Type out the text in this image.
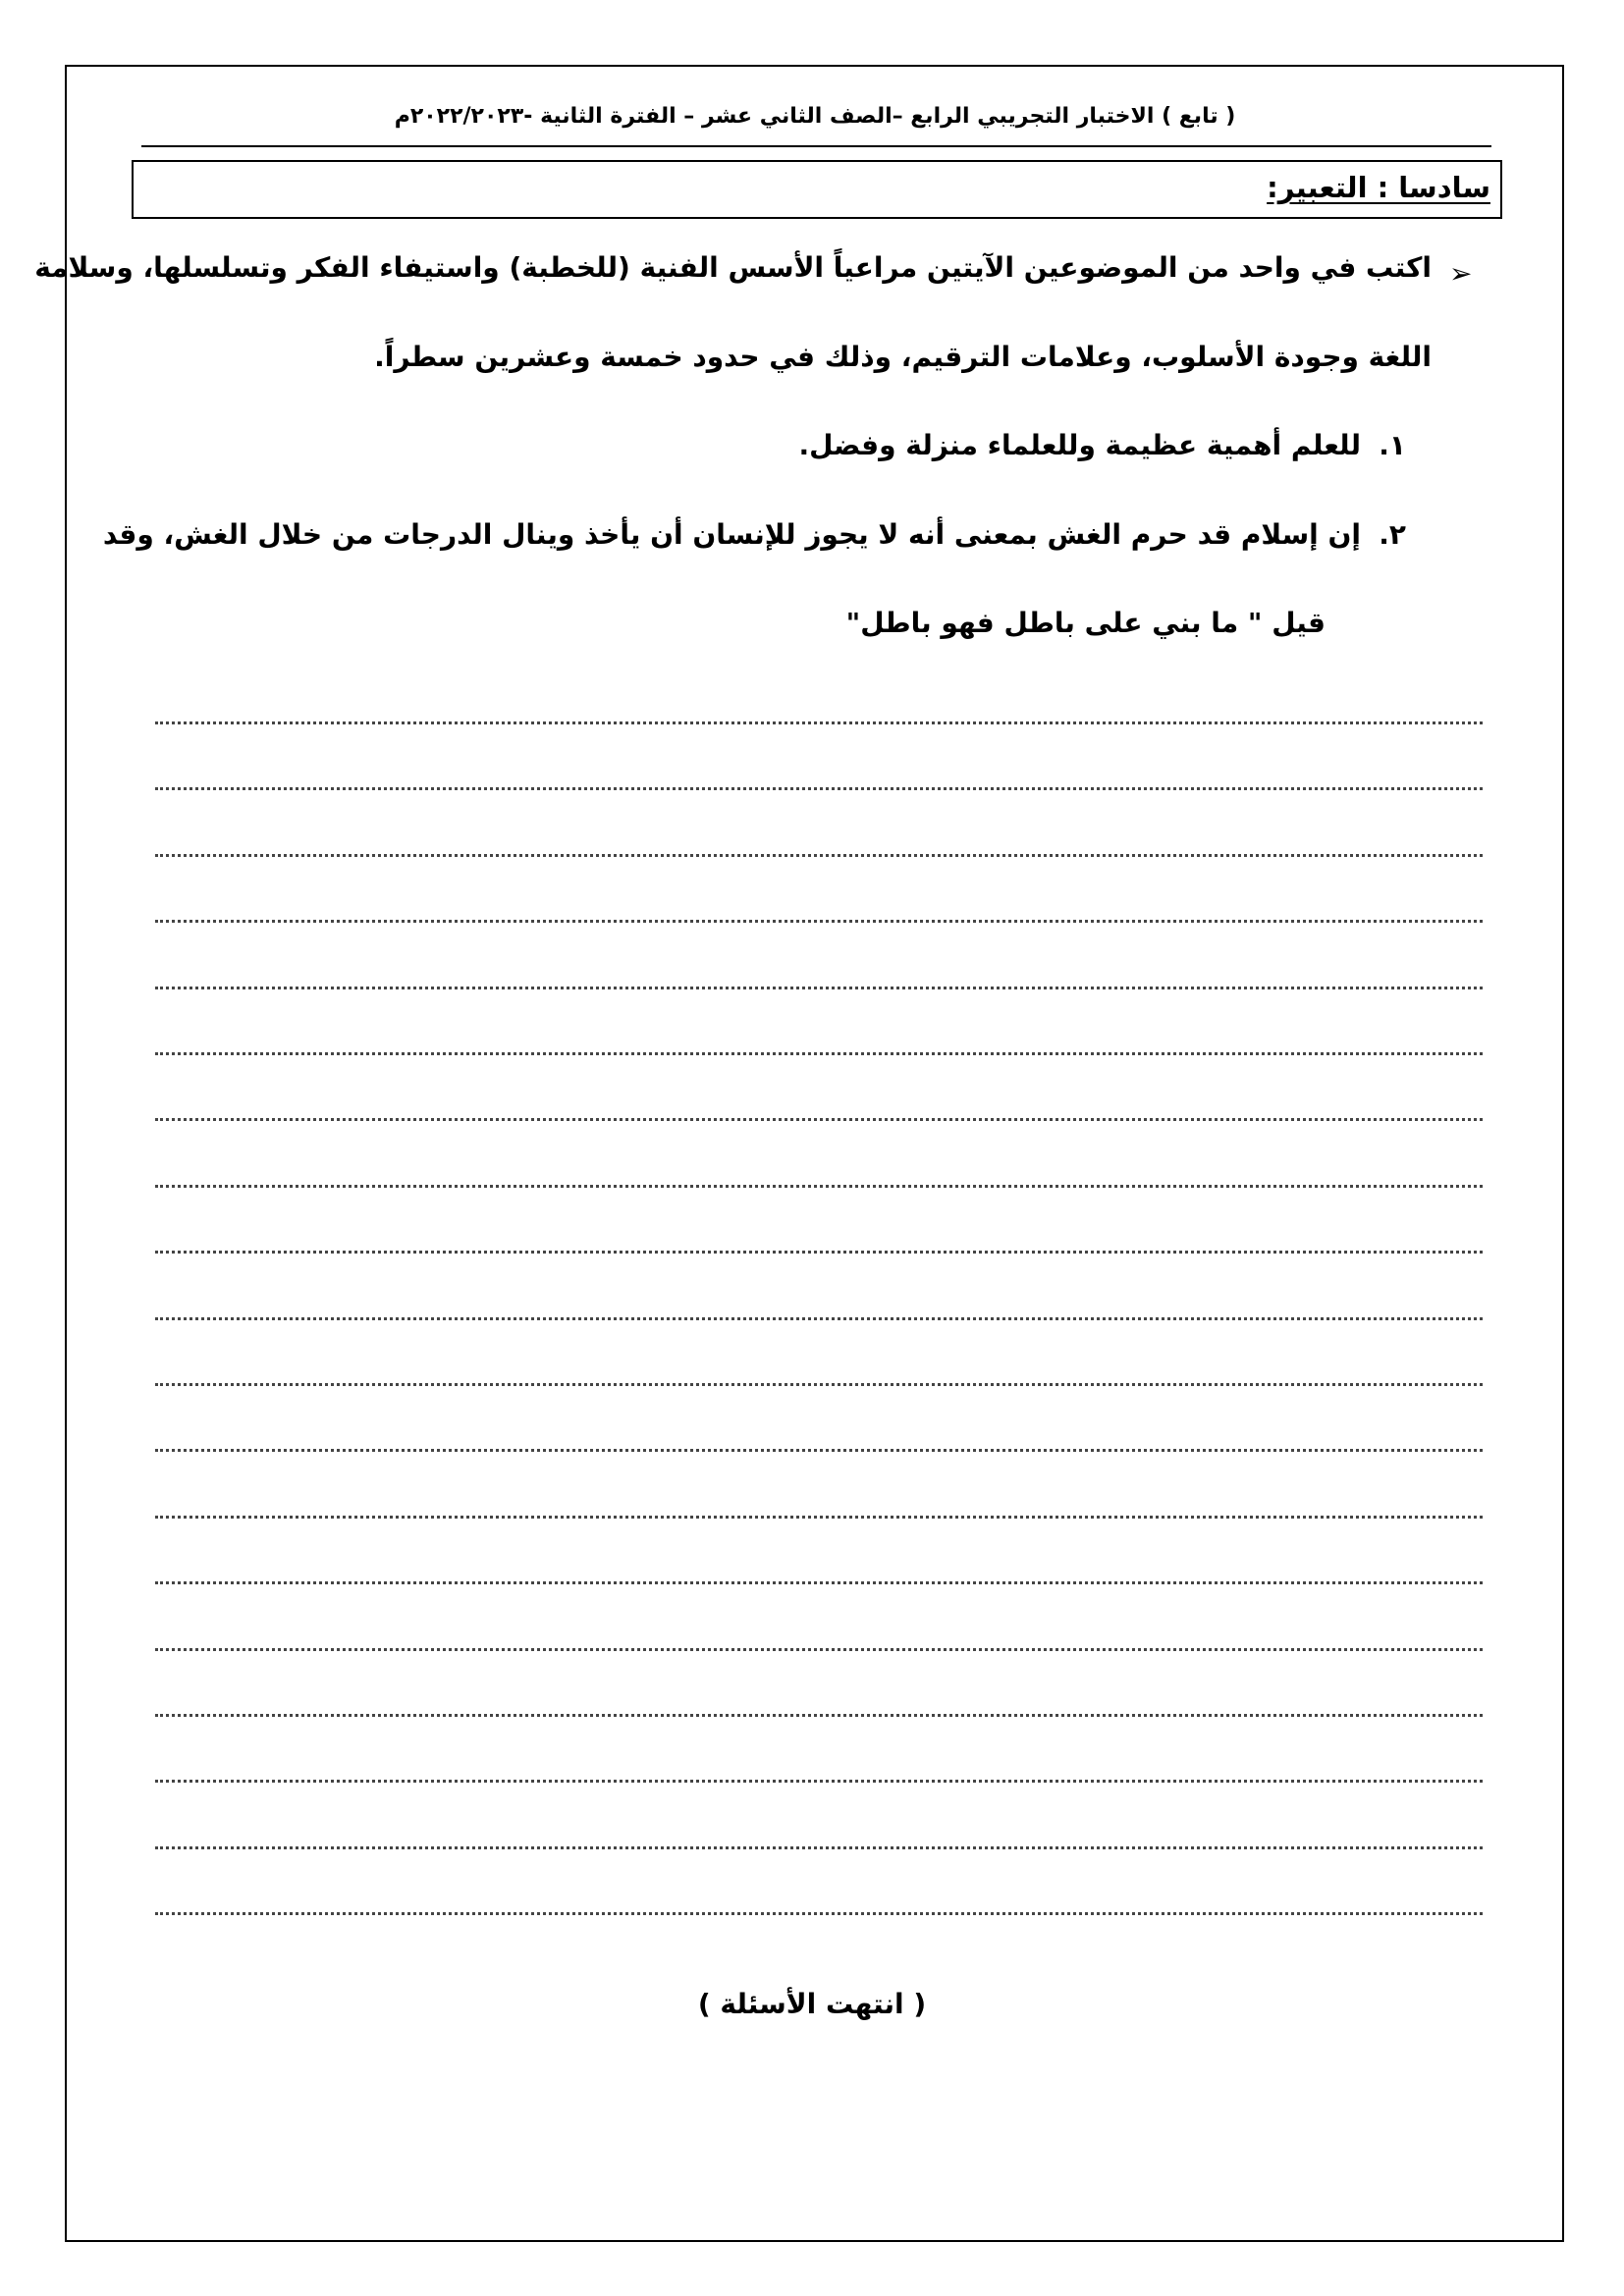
( تابع ) الاختبار التجريبي الرابع –الصف الثاني عشر – الفترة الثانية -٢٠٢٢/٢٠٢٣م
سادسا : التعبير:
➢
اكتب في واحد من الموضوعين الآيتين مراعياً الأسس الفنية (للخطبة) واستيفاء الفكر وتسلسلها، وسلامة
اللغة وجودة الأسلوب، وعلامات الترقيم، وذلك في حدود خمسة وعشرين سطراً.
للعلم أهمية عظيمة وللعلماء منزلة وفضل. ١.
إن إسلام قد حرم الغش بمعنى أنه لا يجوز للإنسان أن يأخذ وينال الدرجات من خلال الغش، وقد ٢.
قيل " ما بني على باطل فهو باطل"
( انتهت الأسئلة )
